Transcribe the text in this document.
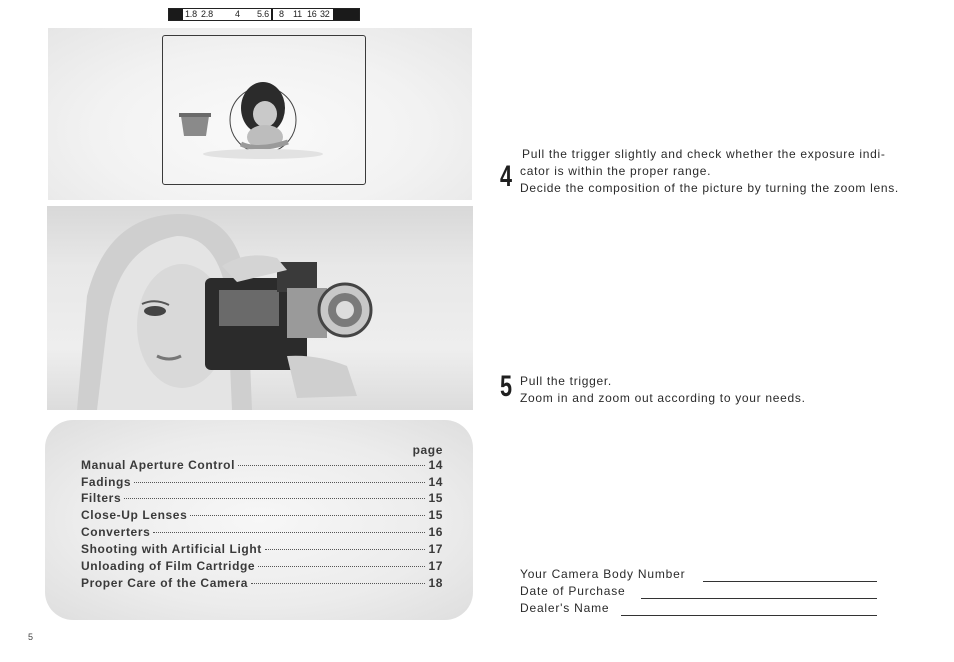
1.8 2.8 4 5.6 8 11 16 32
page
Manual Aperture Control	14
Fadings	14
Filters	15
Close-Up Lenses	15
Converters	16
Shooting with Artificial Light	17
Unloading of Film Cartridge	17
Proper Care of the Camera	18
4
Pull the trigger slightly and check whether the exposure indi-
cator is within the proper range.
Decide the composition of the picture by turning the zoom lens.
5 Pull the trigger.
Zoom in and zoom out according to your needs.
Your Camera Body Number
Date of Purchase
Dealer's Name
5
